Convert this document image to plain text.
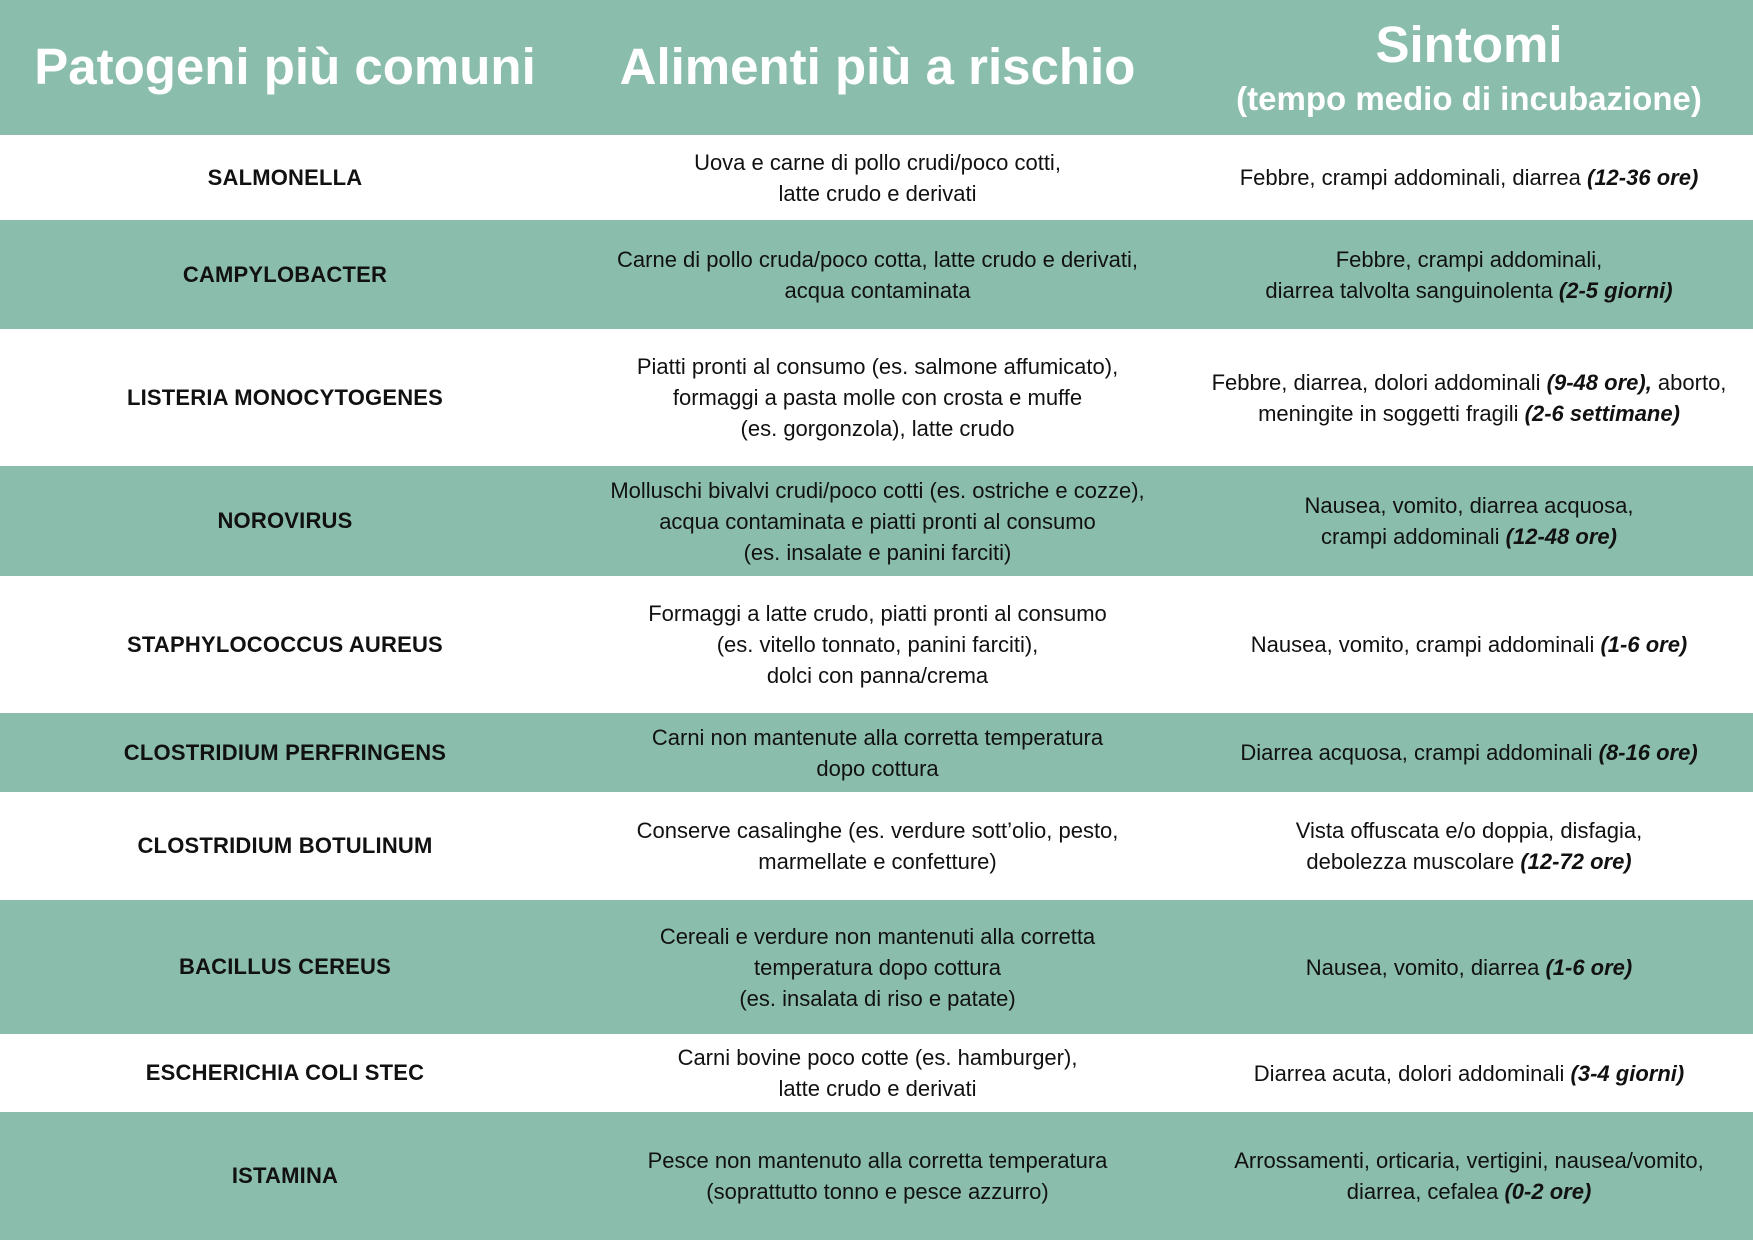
Patogeni più comuni Alimenti più a rischio	Sintomi
(tempo medio di incubazione)
SALMONELLA
Uova e carne di pollo crudi/poco cotti,
latte crudo e derivati
Febbre, crampi addominali, diarrea (12-36 ore)
CAMPYLOBACTER
Carne di pollo cruda/poco cotta, latte crudo e derivati,
acqua contaminata
Febbre, crampi addominali,
diarrea talvolta sanguinolenta (2-5 giorni)
LISTERIA MONOCYTOGENES
Piatti pronti al consumo (es. salmone affumicato),
formaggi a pasta molle con crosta e muffe
(es. gorgonzola), latte crudo
Febbre, diarrea, dolori addominali (9-48 ore), aborto,
meningite in soggetti fragili (2-6 settimane)
NOROVIRUS
Molluschi bivalvi crudi/poco cotti (es. ostriche e cozze),
acqua contaminata e piatti pronti al consumo
(es. insalate e panini farciti)
Nausea, vomito, diarrea acquosa,
crampi addominali (12-48 ore)
STAPHYLOCOCCUS AUREUS
Formaggi a latte crudo, piatti pronti al consumo
(es. vitello tonnato, panini farciti),
dolci con panna/crema
Nausea, vomito, crampi addominali (1-6 ore)
CLOSTRIDIUM PERFRINGENS
Carni non mantenute alla corretta temperatura
dopo cottura
Diarrea acquosa, crampi addominali (8-16 ore)
CLOSTRIDIUM BOTULINUM
Conserve casalinghe (es. verdure sott’olio, pesto,
marmellate e confetture)
Vista offuscata e/o doppia, disfagia,
debolezza muscolare (12-72 ore)
BACILLUS CEREUS
Cereali e verdure non mantenuti alla corretta
temperatura dopo cottura
(es. insalata di riso e patate)
Nausea, vomito, diarrea (1-6 ore)
ESCHERICHIA COLI STEC
Carni bovine poco cotte (es. hamburger),
latte crudo e derivati
Diarrea acuta, dolori addominali (3-4 giorni)
ISTAMINA
Pesce non mantenuto alla corretta temperatura
(soprattutto tonno e pesce azzurro)
Arrossamenti, orticaria, vertigini, nausea/vomito,
diarrea, cefalea (0-2 ore)
